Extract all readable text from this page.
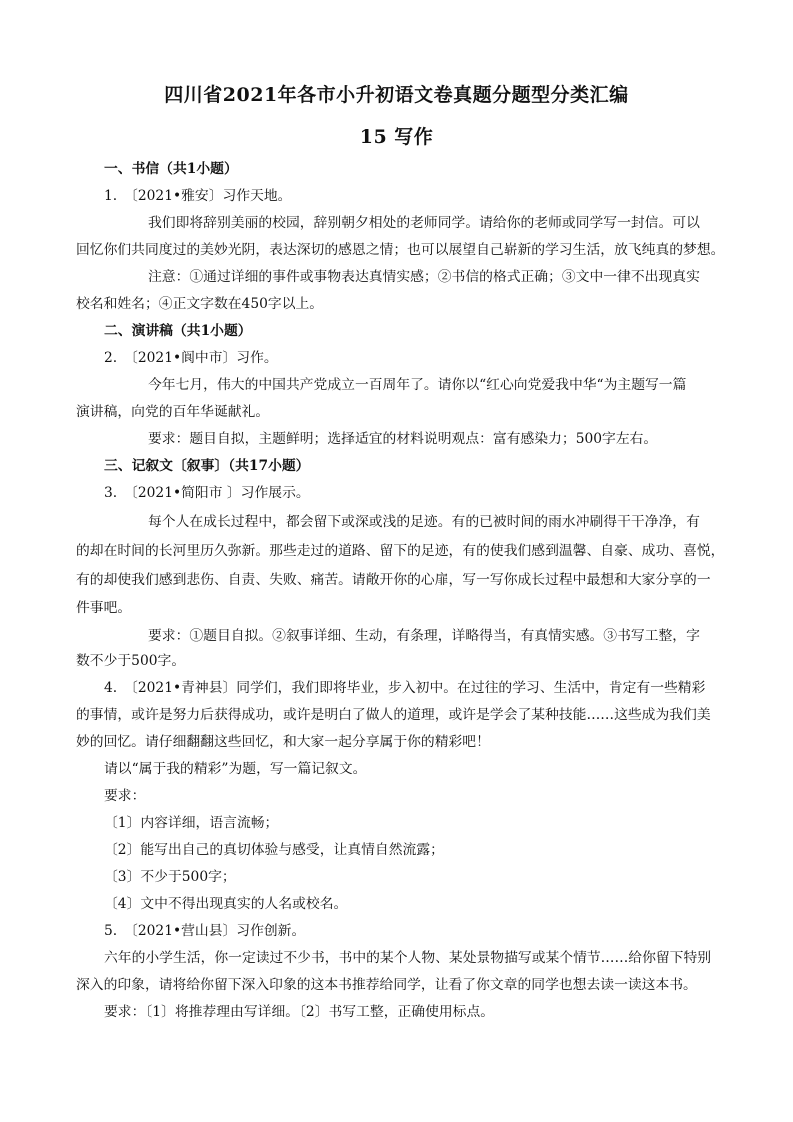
四川省2021年各市小升初语文卷真题分题型分类汇编
15 写作
一、书信（共1小题）
1.　〔2021•雅安〕习作天地。
我们即将辞别美丽的校园，辞别朝夕相处的老师同学。请给你的老师或同学写一封信。可以
回忆你们共同度过的美妙光阴，表达深切的感恩之情；也可以展望自己崭新的学习生活，放飞纯真的梦想。
注意：①通过详细的事件或事物表达真情实感；②书信的格式正确；③文中一律不出现真实
校名和姓名；④正文字数在450字以上。
二、演讲稿（共1小题）
2.　〔2021•阆中市〕习作。
今年七月，伟大的中国共产党成立一百周年了。请你以“红心向党爱我中华“为主题写一篇
演讲稿，向党的百年华诞献礼。
要求：题目自拟，主题鲜明；选择适宜的材料说明观点：富有感染力；500字左右。
三、记叙文〔叙事〕（共17小题）
3.　〔2021•简阳市 〕习作展示。
每个人在成长过程中，都会留下或深或浅的足迹。有的已被时间的雨水冲刷得干干净净，有
的却在时间的长河里历久弥新。那些走过的道路、留下的足迹，有的使我们感到温馨、自豪、成功、喜悦，
有的却使我们感到悲伤、自责、失败、痛苦。请敞开你的心扉，写一写你成长过程中最想和大家分享的一
件事吧。
要求：①题目自拟。②叙事详细、生动，有条理，详略得当，有真情实感。③书写工整，字
数不少于500字。
4.　〔2021•青神县〕同学们，我们即将毕业，步入初中。在过往的学习、生活中，肯定有一些精彩
的事情，或许是努力后获得成功，或许是明白了做人的道理，或许是学会了某种技能……这些成为我们美
妙的回忆。请仔细翻翻这些回忆，和大家一起分享属于你的精彩吧！
请以“属于我的精彩”为题，写一篇记叙文。
要求：
〔1〕内容详细，语言流畅；
〔2〕能写出自己的真切体验与感受，让真情自然流露；
〔3〕不少于500字；
〔4〕文中不得出现真实的人名或校名。
5.　〔2021•营山县〕习作创新。
六年的小学生活，你一定读过不少书，书中的某个人物、某处景物描写或某个情节……给你留下特别
深入的印象，请将给你留下深入印象的这本书推荐给同学，让看了你文章的同学也想去读一读这本书。
要求：〔1〕将推荐理由写详细。〔2〕书写工整，正确使用标点。
